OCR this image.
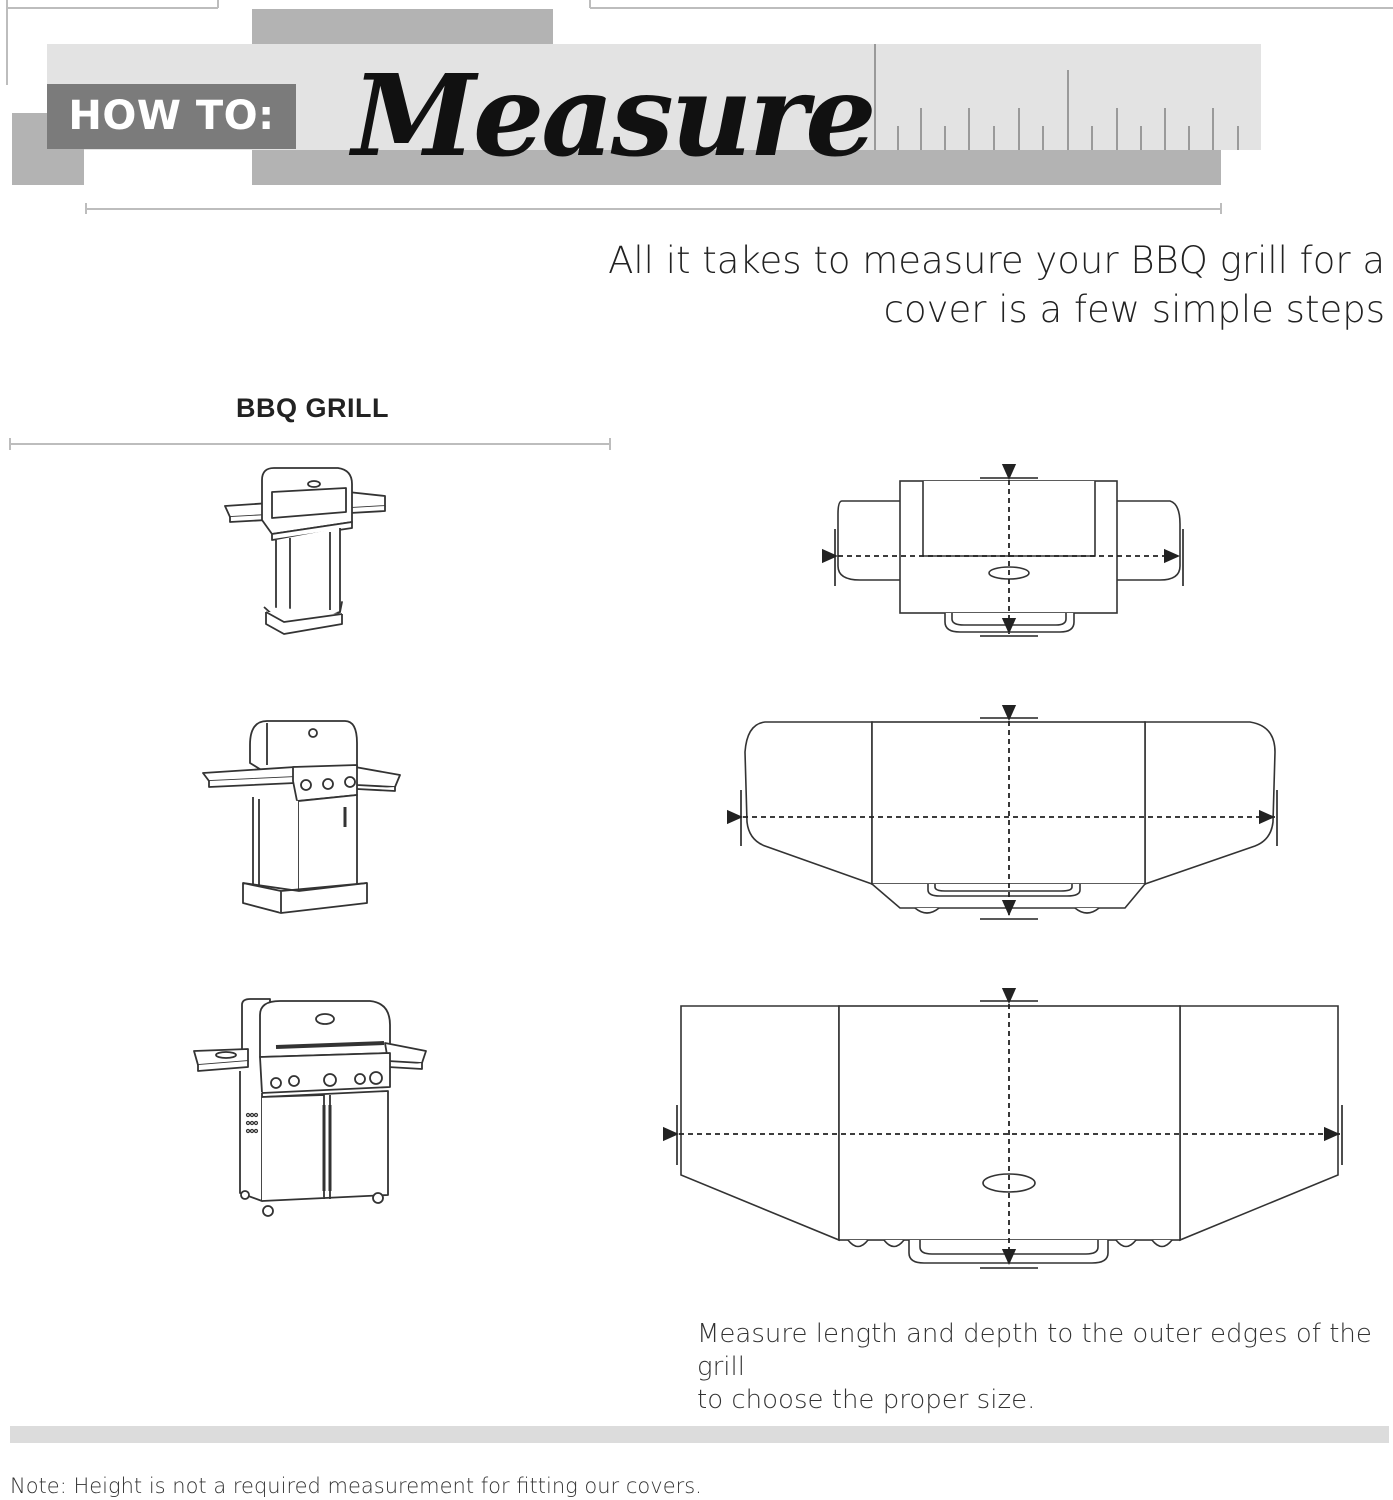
HOW TO: Measure
All it takes to measure your BBQ grill for a
cover is a few simple steps
BBQ GRILL
Measure length and depth to the outer edges of the grill
to choose the proper size.
Note: Height is not a required measurement for fitting our covers.
